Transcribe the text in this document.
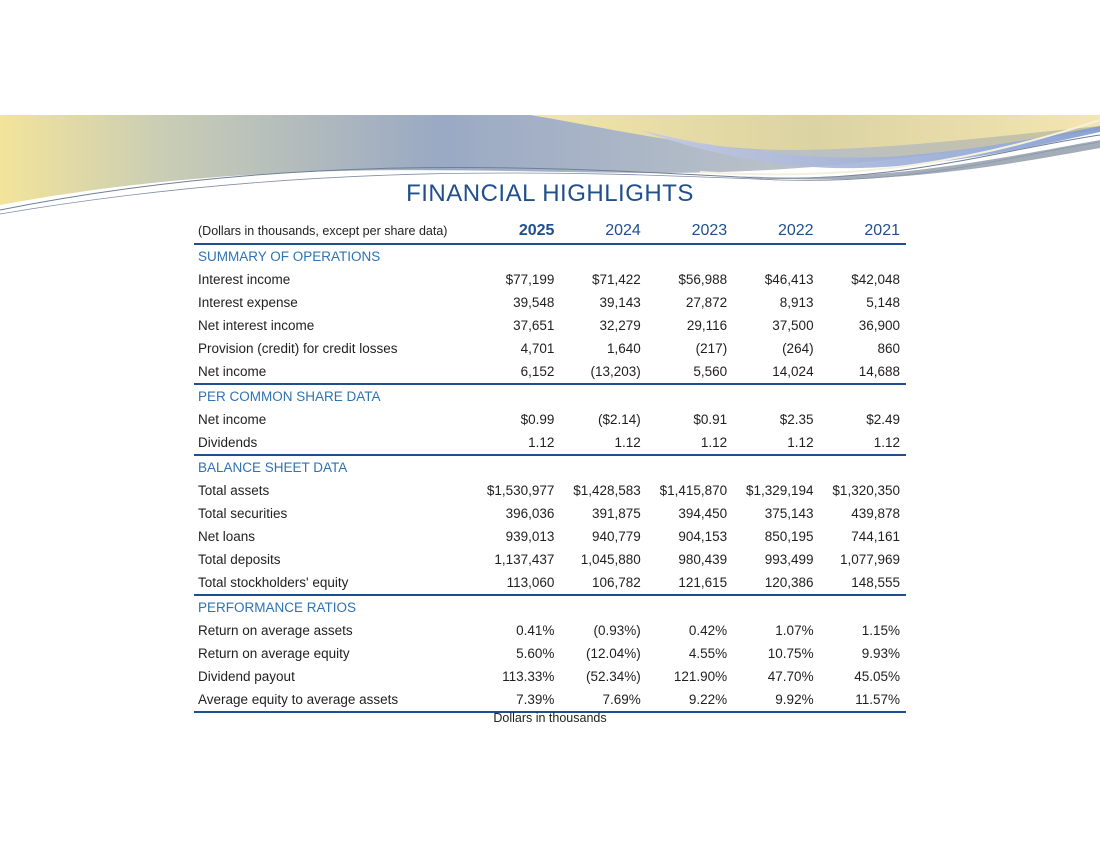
FINANCIAL HIGHLIGHTS
(Dollars in thousands, except per share data)	2025	2024	2023	2022	2021
SUMMARY OF OPERATIONS					
Interest income	$77,199	$71,422	$56,988	$46,413	$42,048
Interest expense	39,548	39,143	27,872	8,913	5,148
Net interest income	37,651	32,279	29,116	37,500	36,900
Provision (credit) for credit losses	4,701	1,640	(217)	(264)	860
Net income	6,152	(13,203)	5,560	14,024	14,688
PER COMMON SHARE DATA					
Net income	$0.99	($2.14)	$0.91	$2.35	$2.49
Dividends	1.12	1.12	1.12	1.12	1.12
BALANCE SHEET DATA					
Total assets	$1,530,977	$1,428,583	$1,415,870	$1,329,194	$1,320,350
Total securities	396,036	391,875	394,450	375,143	439,878
Net loans	939,013	940,779	904,153	850,195	744,161
Total deposits	1,137,437	1,045,880	980,439	993,499	1,077,969
Total stockholders' equity	113,060	106,782	121,615	120,386	148,555
PERFORMANCE RATIOS					
Return on average assets	0.41%	(0.93%)	0.42%	1.07%	1.15%
Return on average equity	5.60%	(12.04%)	4.55%	10.75%	9.93%
Dividend payout	113.33%	(52.34%)	121.90%	47.70%	45.05%
Average equity to average assets	7.39%	7.69%	9.22%	9.92%	11.57%
Dollars in thousands
